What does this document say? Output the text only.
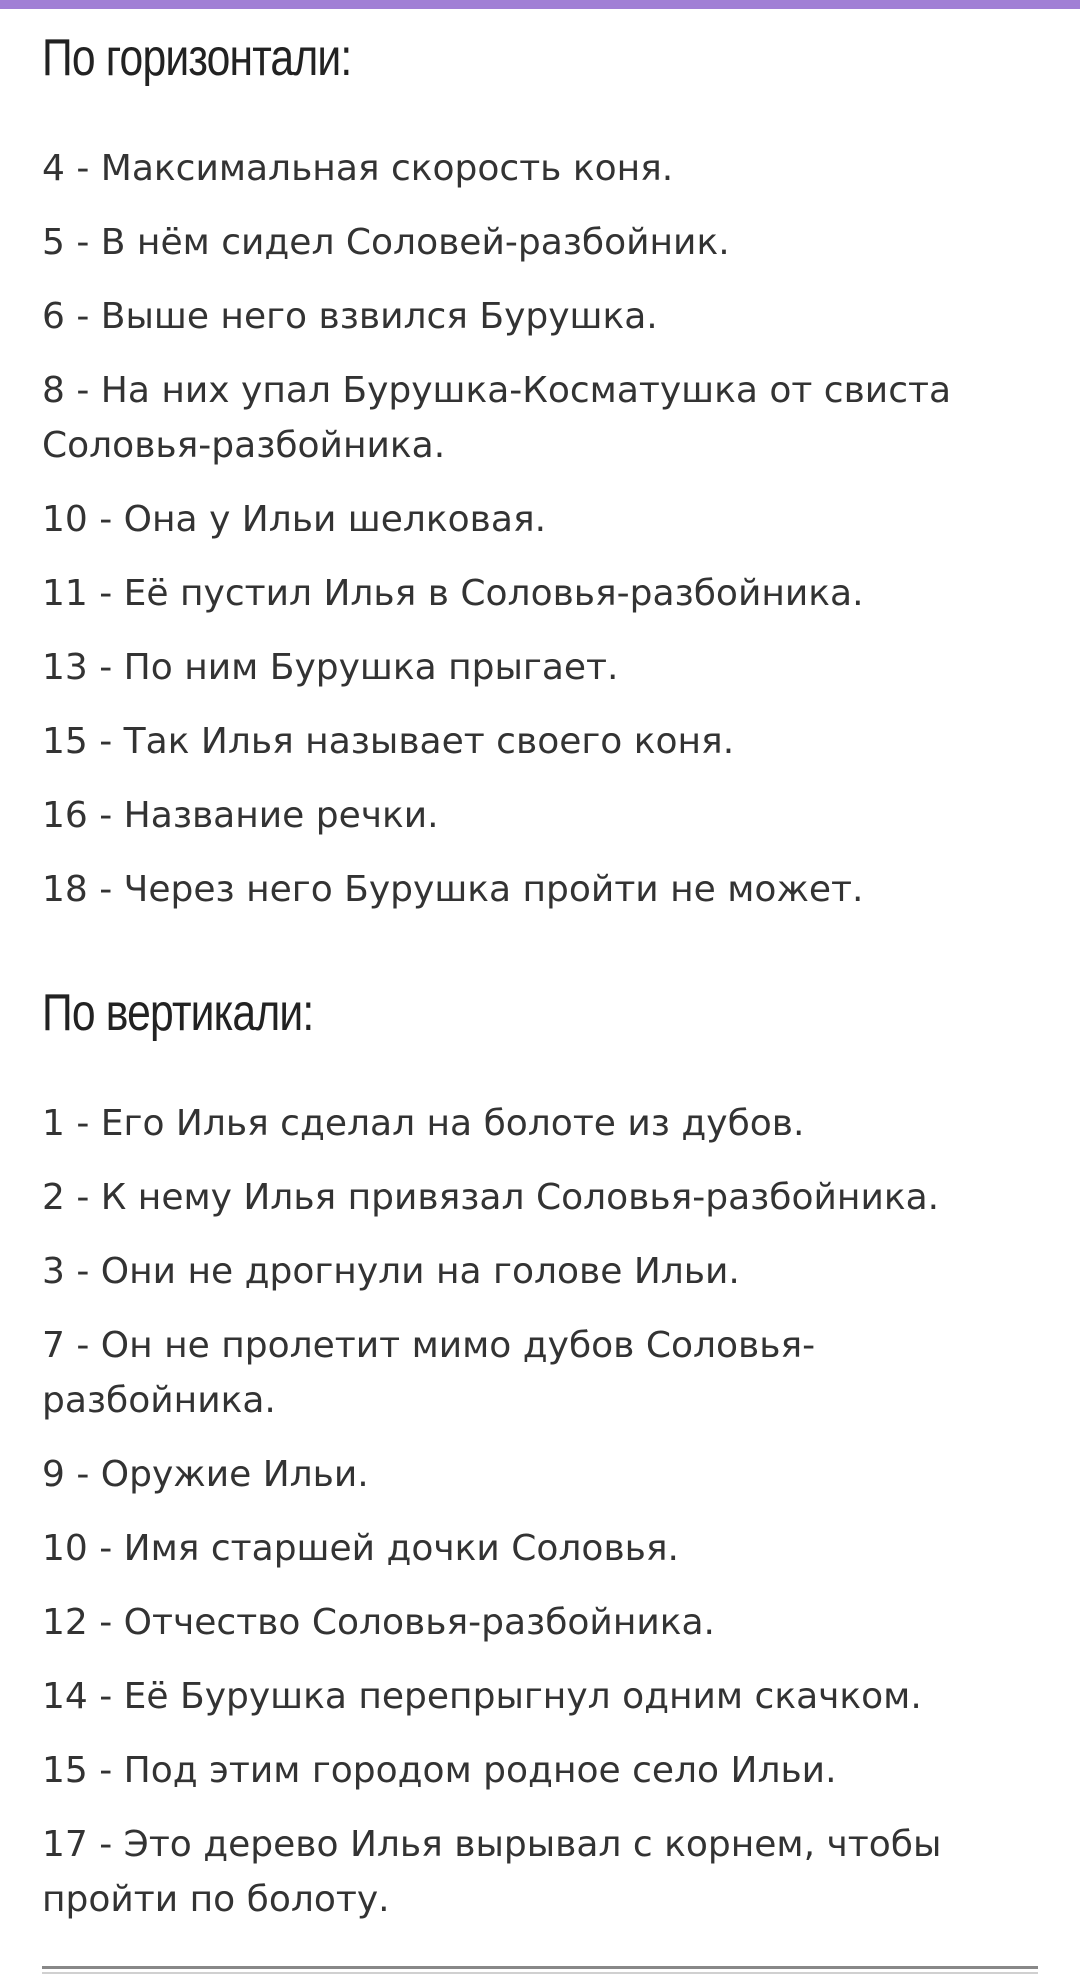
По горизонтали:
4 - Максимальная скорость коня.
5 - В нём сидел Соловей-разбойник.
6 - Выше него взвился Бурушка.
8 - На них упал Бурушка-Косматушка от свиста Соловья-разбойника.
10 - Она у Ильи шелковая.
11 - Её пустил Илья в Соловья-разбойника.
13 - По ним Бурушка прыгает.
15 - Так Илья называет своего коня.
16 - Название речки.
18 - Через него Бурушка пройти не может.
По вертикали:
1 - Его Илья сделал на болоте из дубов.
2 - К нему Илья привязал Соловья-разбойника.
3 - Они не дрогнули на голове Ильи.
7 - Он не пролетит мимо дубов Соловья-разбойника.
9 - Оружие Ильи.
10 - Имя старшей дочки Соловья.
12 - Отчество Соловья-разбойника.
14 - Её Бурушка перепрыгнул одним скачком.
15 - Под этим городом родное село Ильи.
17 - Это дерево Илья вырывал с корнем, чтобы пройти по болоту.
